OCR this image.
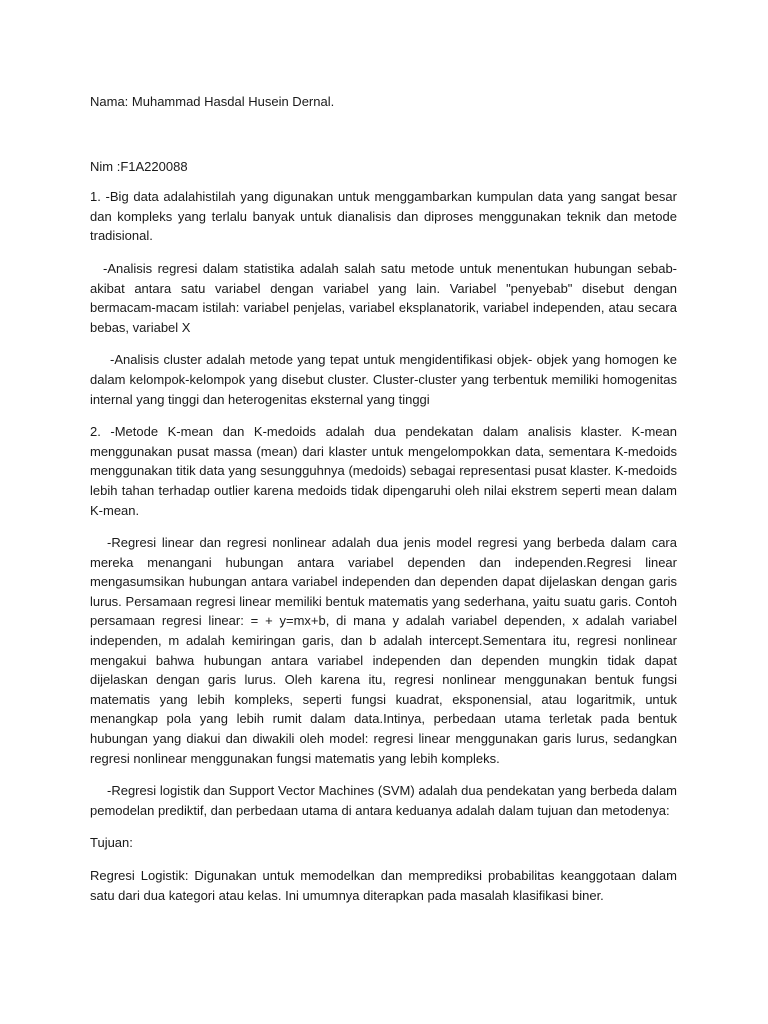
Nama: Muhammad Hasdal Husein Dernal.

Nim :F1A220088

1. -Big data adalahistilah yang digunakan untuk menggambarkan kumpulan data yang sangat besar dan kompleks yang terlalu banyak untuk dianalisis dan diproses menggunakan teknik dan metode tradisional.

-Analisis regresi dalam statistika adalah salah satu metode untuk menentukan hubungan sebab-akibat antara satu variabel dengan variabel yang lain. Variabel "penyebab" disebut dengan bermacam-macam istilah: variabel penjelas, variabel eksplanatorik, variabel independen, atau secara bebas, variabel X

-Analisis cluster adalah metode yang tepat untuk mengidentifikasi objek- objek yang homogen ke dalam kelompok-kelompok yang disebut cluster. Cluster-cluster yang terbentuk memiliki homogenitas internal yang tinggi dan heterogenitas eksternal yang tinggi

2. -Metode K-mean dan K-medoids adalah dua pendekatan dalam analisis klaster. K-mean menggunakan pusat massa (mean) dari klaster untuk mengelompokkan data, sementara K-medoids menggunakan titik data yang sesungguhnya (medoids) sebagai representasi pusat klaster. K-medoids lebih tahan terhadap outlier karena medoids tidak dipengaruhi oleh nilai ekstrem seperti mean dalam K-mean.

-Regresi linear dan regresi nonlinear adalah dua jenis model regresi yang berbeda dalam cara mereka menangani hubungan antara variabel dependen dan independen.Regresi linear mengasumsikan hubungan antara variabel independen dan dependen dapat dijelaskan dengan garis lurus. Persamaan regresi linear memiliki bentuk matematis yang sederhana, yaitu suatu garis. Contoh persamaan regresi linear: = + y=mx+b, di mana y adalah variabel dependen, x adalah variabel independen, m adalah kemiringan garis, dan b adalah intercept.Sementara itu, regresi nonlinear mengakui bahwa hubungan antara variabel independen dan dependen mungkin tidak dapat dijelaskan dengan garis lurus. Oleh karena itu, regresi nonlinear menggunakan bentuk fungsi matematis yang lebih kompleks, seperti fungsi kuadrat, eksponensial, atau logaritmik, untuk menangkap pola yang lebih rumit dalam data.Intinya, perbedaan utama terletak pada bentuk hubungan yang diakui dan diwakili oleh model: regresi linear menggunakan garis lurus, sedangkan regresi nonlinear menggunakan fungsi matematis yang lebih kompleks.

-Regresi logistik dan Support Vector Machines (SVM) adalah dua pendekatan yang berbeda dalam pemodelan prediktif, dan perbedaan utama di antara keduanya adalah dalam tujuan dan metodenya:

Tujuan:

Regresi Logistik: Digunakan untuk memodelkan dan memprediksi probabilitas keanggotaan dalam satu dari dua kategori atau kelas. Ini umumnya diterapkan pada masalah klasifikasi biner.
